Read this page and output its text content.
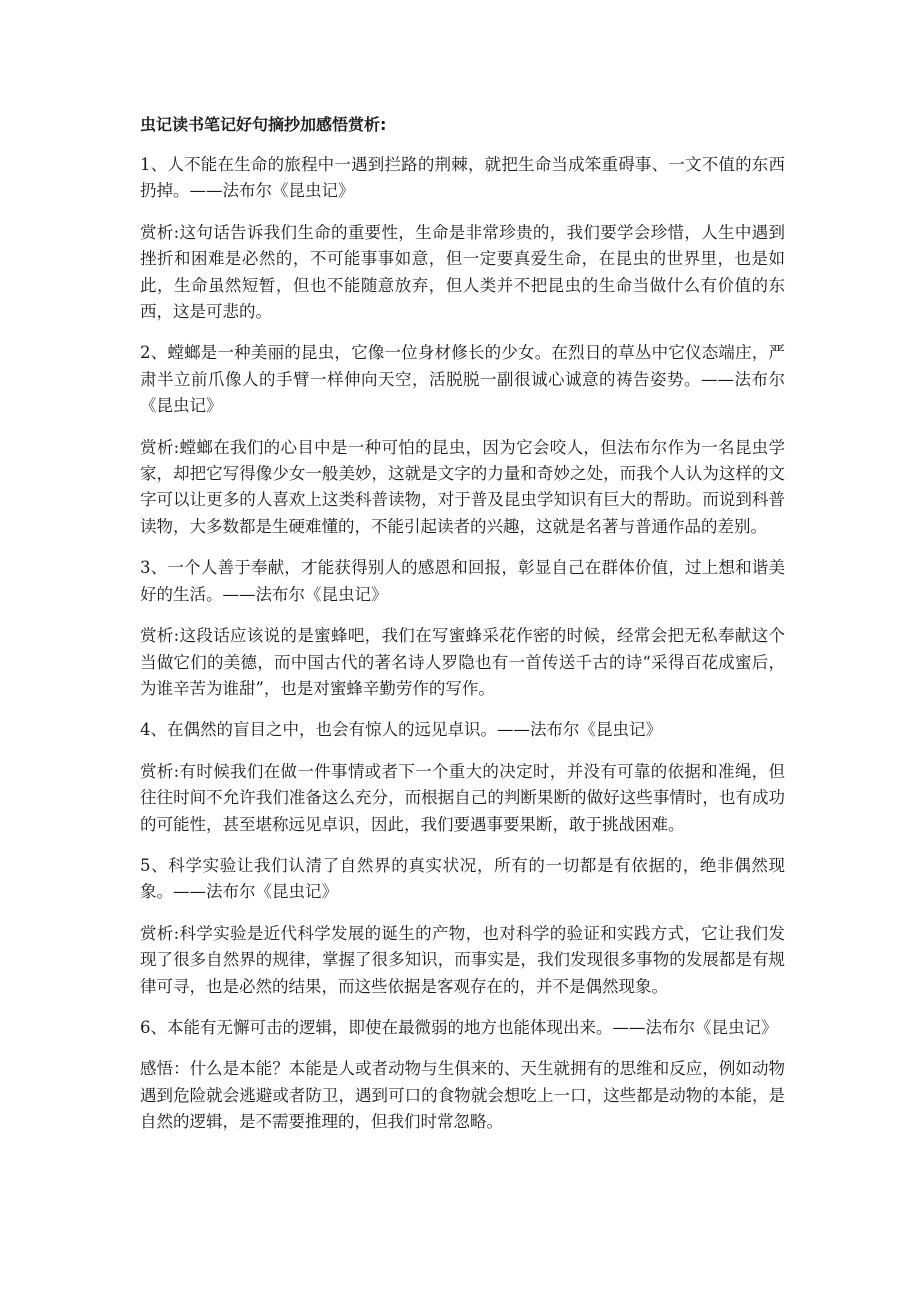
虫记读书笔记好句摘抄加感悟赏析:

1、人不能在生命的旅程中一遇到拦路的荆棘，就把生命当成笨重碍事、一文不值的东西扔掉。——法布尔《昆虫记》

赏析:这句话告诉我们生命的重要性，生命是非常珍贵的，我们要学会珍惜，人生中遇到挫折和困难是必然的，不可能事事如意，但一定要真爱生命，在昆虫的世界里，也是如此，生命虽然短暂，但也不能随意放弃，但人类并不把昆虫的生命当做什么有价值的东西，这是可悲的。

2、螳螂是一种美丽的昆虫，它像一位身材修长的少女。在烈日的草丛中它仪态端庄，严肃半立前爪像人的手臂一样伸向天空，活脱脱一副很诚心诚意的祷告姿势。——法布尔《昆虫记》

赏析:螳螂在我们的心目中是一种可怕的昆虫，因为它会咬人，但法布尔作为一名昆虫学家，却把它写得像少女一般美妙，这就是文字的力量和奇妙之处，而我个人认为这样的文字可以让更多的人喜欢上这类科普读物，对于普及昆虫学知识有巨大的帮助。而说到科普读物，大多数都是生硬难懂的，不能引起读者的兴趣，这就是名著与普通作品的差别。

3、一个人善于奉献，才能获得别人的感恩和回报，彰显自己在群体价值，过上想和谐美好的生活。——法布尔《昆虫记》

赏析:这段话应该说的是蜜蜂吧，我们在写蜜蜂采花作密的时候，经常会把无私奉献这个当做它们的美德，而中国古代的著名诗人罗隐也有一首传送千古的诗“采得百花成蜜后，为谁辛苦为谁甜”，也是对蜜蜂辛勤劳作的写作。

4、在偶然的盲目之中，也会有惊人的远见卓识。——法布尔《昆虫记》

赏析:有时候我们在做一件事情或者下一个重大的决定时，并没有可靠的依据和准绳，但往往时间不允许我们准备这么充分，而根据自己的判断果断的做好这些事情时，也有成功的可能性，甚至堪称远见卓识，因此，我们要遇事要果断，敢于挑战困难。

5、科学实验让我们认清了自然界的真实状况，所有的一切都是有依据的，绝非偶然现象。——法布尔《昆虫记》

赏析:科学实验是近代科学发展的诞生的产物，也对科学的验证和实践方式，它让我们发现了很多自然界的规律，掌握了很多知识，而事实是，我们发现很多事物的发展都是有规律可寻，也是必然的结果，而这些依据是客观存在的，并不是偶然现象。

6、本能有无懈可击的逻辑，即使在最微弱的地方也能体现出来。——法布尔《昆虫记》

感悟：什么是本能？本能是人或者动物与生俱来的、天生就拥有的思维和反应，例如动物遇到危险就会逃避或者防卫，遇到可口的食物就会想吃上一口，这些都是动物的本能，是自然的逻辑，是不需要推理的，但我们时常忽略。
